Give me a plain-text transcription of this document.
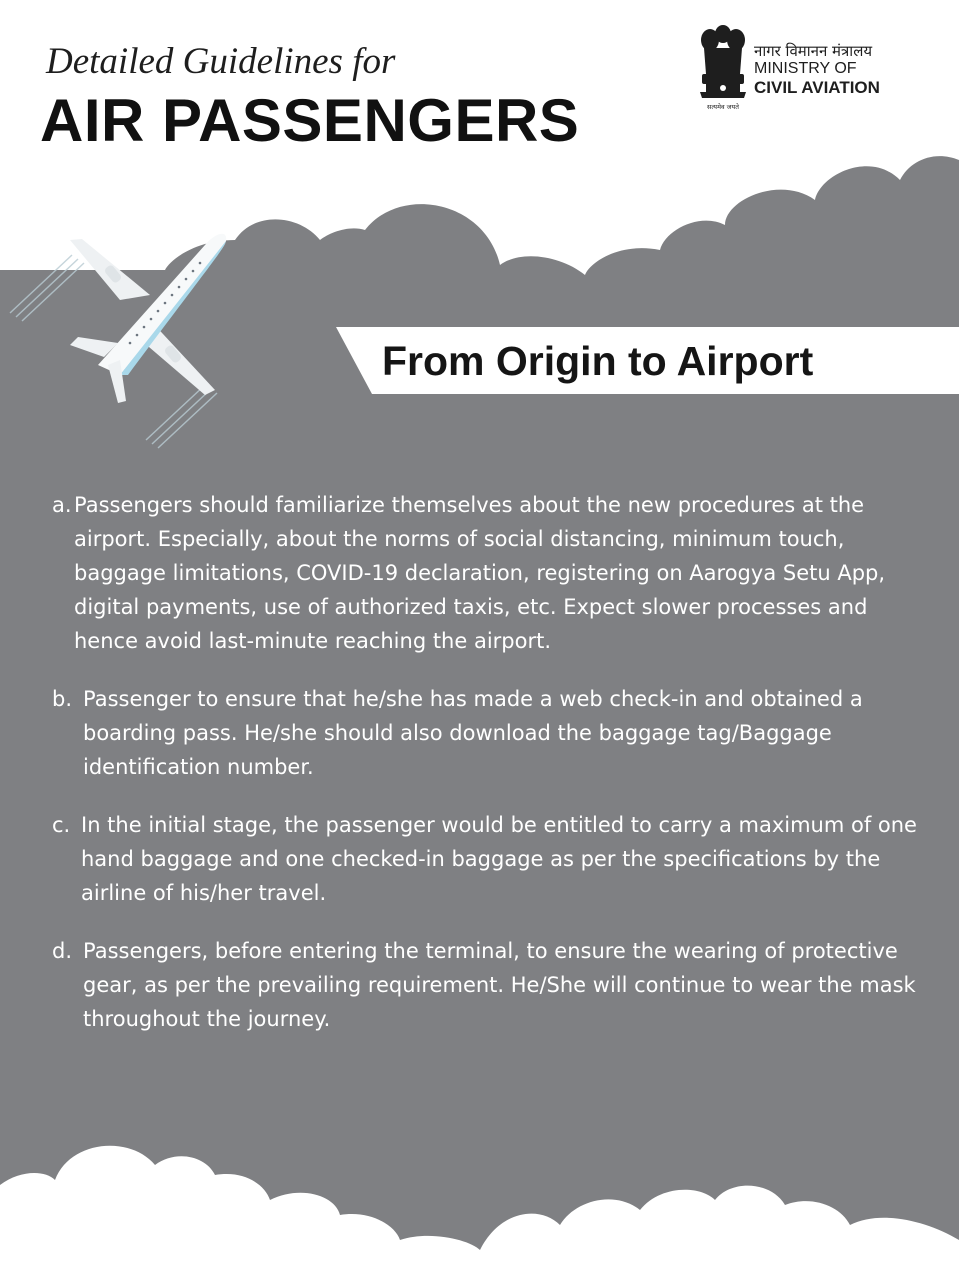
Detailed Guidelines for
AIR PASSENGERS	सत्यमेव जयते
नागर विमानन मंत्रालय
MINISTRY OF
CIVIL AVIATION
From Origin to Airport
a. Passengers should familiarize themselves about the new procedures at the airport. Especially, about the norms of social distancing, minimum touch, baggage limitations, COVID-19 declaration, registering on Aarogya Setu App, digital payments, use of authorized taxis, etc. Expect slower processes and hence avoid last-minute reaching the airport.
b. Passenger to ensure that he/she has made a web check-in and obtained a boarding pass. He/she should also download the baggage tag/Baggage identification number.
c. In the initial stage, the passenger would be entitled to carry a maximum of one hand baggage and one checked-in baggage as per the specifications by the airline of his/her travel.
d. Passengers, before entering the terminal, to ensure the wearing of protective gear, as per the prevailing requirement. He/She will continue to wear the mask throughout the journey.
